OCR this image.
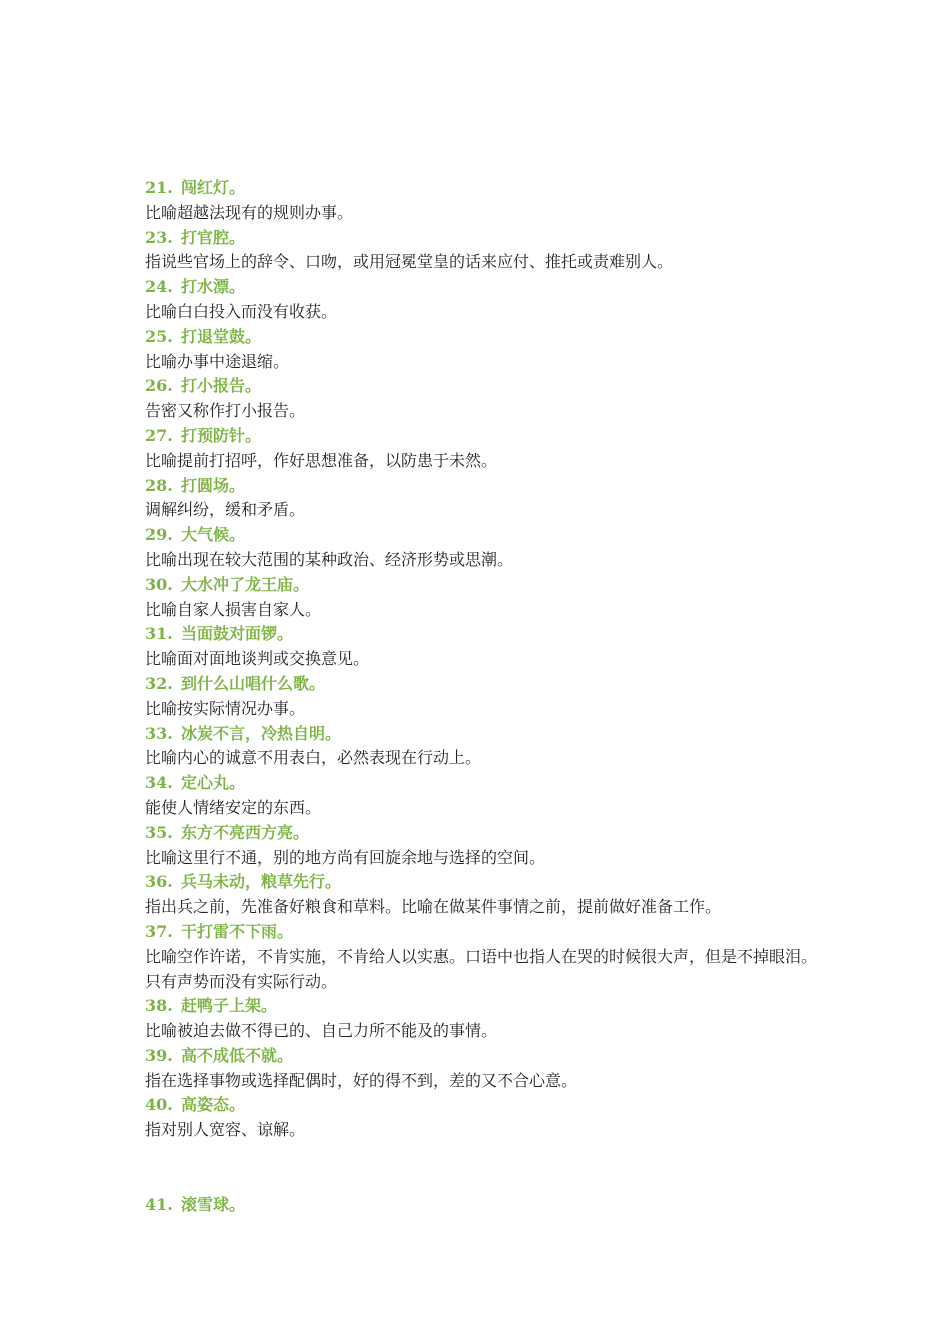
21. 闯红灯。
比喻超越法现有的规则办事。
23. 打官腔。
指说些官场上的辞令、口吻，或用冠冕堂皇的话来应付、推托或责难别人。
24. 打水漂。
比喻白白投入而没有收获。
25. 打退堂鼓。
比喻办事中途退缩。
26. 打小报告。
告密又称作打小报告。
27. 打预防针。
比喻提前打招呼，作好思想准备，以防患于未然。
28. 打圆场。
调解纠纷，缓和矛盾。
29. 大气候。
比喻出现在较大范围的某种政治、经济形势或思潮。
30. 大水冲了龙王庙。
比喻自家人损害自家人。
31. 当面鼓对面锣。
比喻面对面地谈判或交换意见。
32. 到什么山唱什么歌。
比喻按实际情况办事。
33. 冰炭不言，冷热自明。
比喻内心的诚意不用表白，必然表现在行动上。
34. 定心丸。
能使人情绪安定的东西。
35. 东方不亮西方亮。
比喻这里行不通，别的地方尚有回旋余地与选择的空间。
36. 兵马未动，粮草先行。
指出兵之前，先准备好粮食和草料。比喻在做某件事情之前，提前做好准备工作。
37. 干打雷不下雨。
比喻空作许诺，不肯实施，不肯给人以实惠。口语中也指人在哭的时候很大声，但是不掉眼泪。只有声势而没有实际行动。
38. 赶鸭子上架。
比喻被迫去做不得已的、自己力所不能及的事情。
39. 高不成低不就。
指在选择事物或选择配偶时，好的得不到，差的又不合心意。
40. 高姿态。
指对别人宽容、谅解。
41. 滚雪球。
